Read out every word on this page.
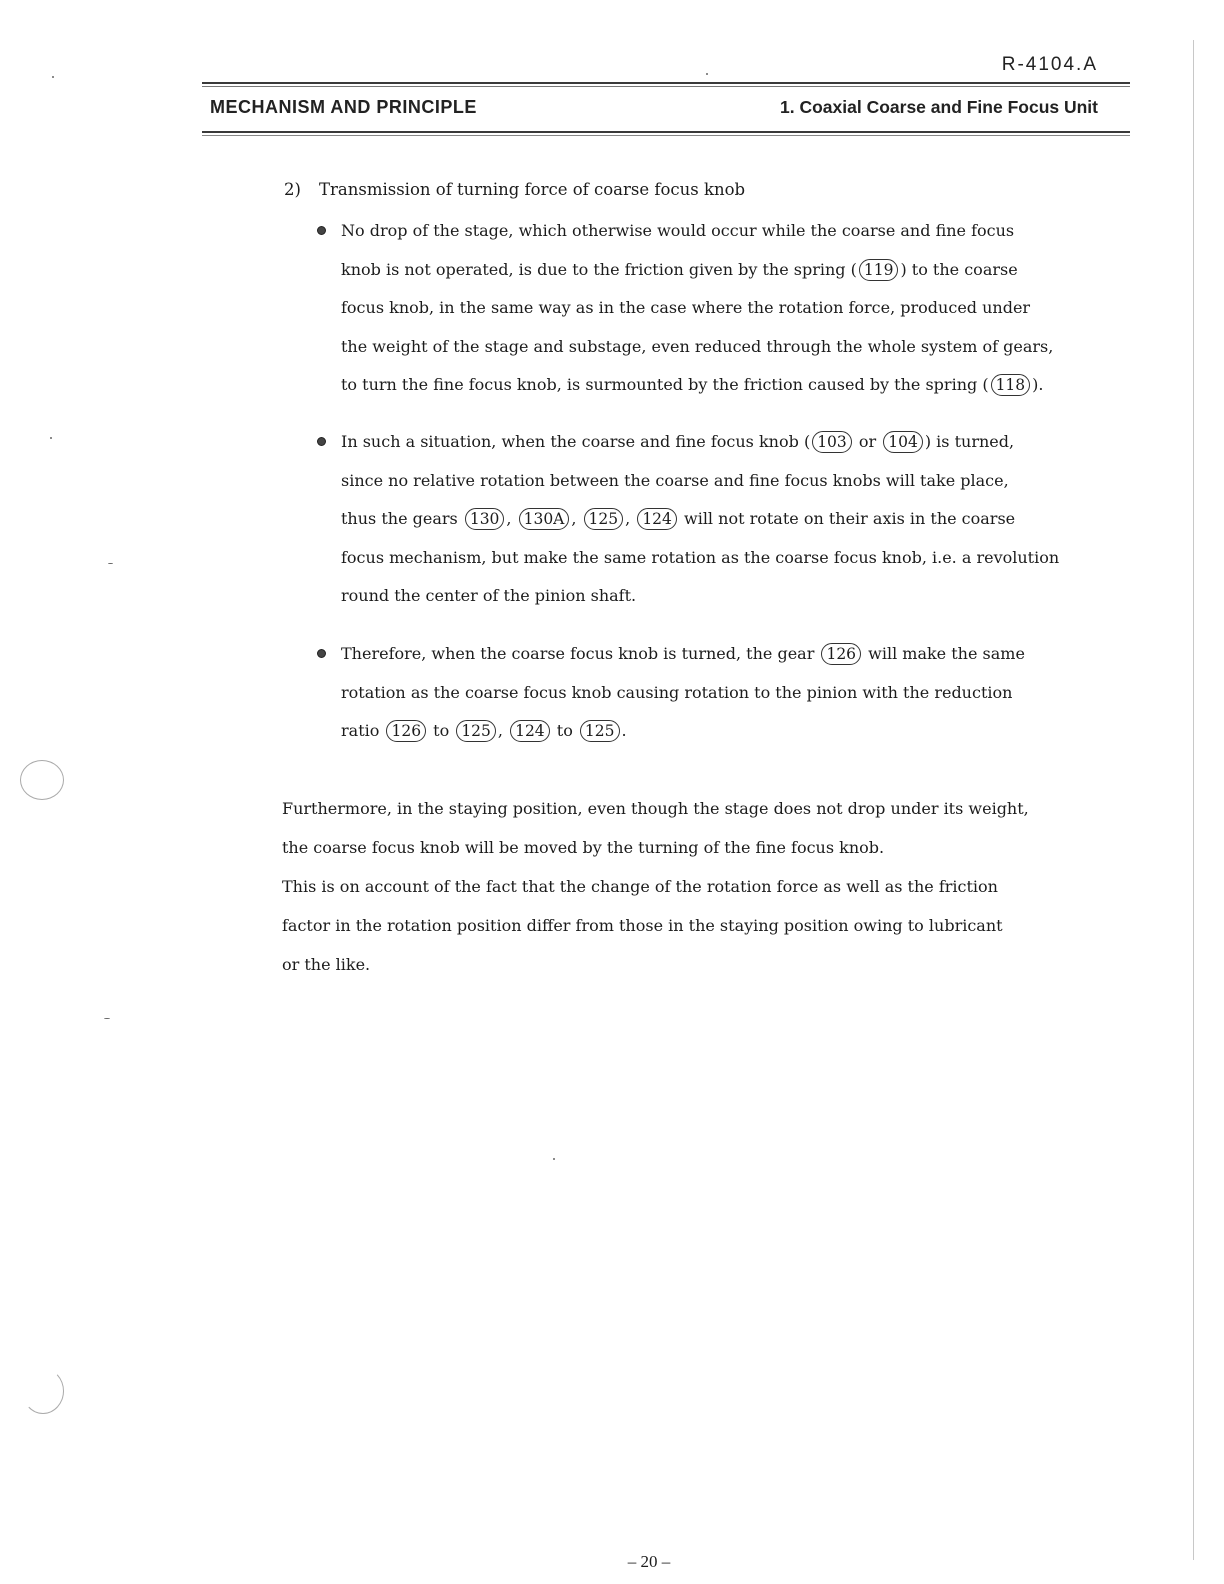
R-4104.A
MECHANISM AND PRINCIPLE	1. Coaxial Coarse and Fine Focus Unit
2) Transmission of turning force of coarse focus knob
No drop of the stage, which otherwise would occur while the coarse and fine focus
knob is not operated, is due to the friction given by the spring ( 119 ) to the coarse
focus knob, in the same way as in the case where the rotation force, produced under
the weight of the stage and substage, even reduced through the whole system of gears,
to turn the fine focus knob, is surmounted by the friction caused by the spring ( 118 ).
In such a situation, when the coarse and fine focus knob ( 103 or 104 ) is turned,
since no relative rotation between the coarse and fine focus knobs will take place,
thus the gears 130 , 130A , 125 , 124 will not rotate on their axis in the coarse
focus mechanism, but make the same rotation as the coarse focus knob, i.e. a revolution
round the center of the pinion shaft.
Therefore, when the coarse focus knob is turned, the gear 126 will make the same
rotation as the coarse focus knob causing rotation to the pinion with the reduction
ratio 126 to 125 , 124 to 125 .
Furthermore, in the staying position, even though the stage does not drop under its weight,
the coarse focus knob will be moved by the turning of the fine focus knob.
This is on account of the fact that the change of the rotation force as well as the friction
factor in the rotation position differ from those in the staying position owing to lubricant
or the like.
– 20 –
